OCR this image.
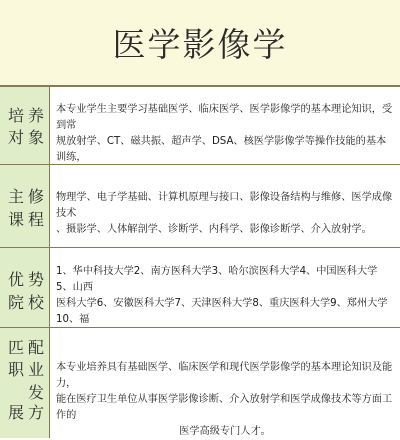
医学影像学
培 养
对 象
本专业学生主要学习基础医学、临床医学、医学影像学的基本理论知识，受到常
规放射学、CT、磁共振、超声学、DSA、核医学影像学等操作技能的基本训练，
主 修
课 程
物理学、电子学基础、计算机原理与接口、影像设备结构与维修、医学成像技术
、摄影学、人体解剖学、诊断学、内科学、影像诊断学、介入放射学。
优 势
院 校
1、华中科技大学2、南方医科大学3、哈尔滨医科大学4、中国医科大学5、山西
医科大学6、安徽医科大学7、天津医科大学8、重庆医科大学9、郑州大学10、福
匹 配
职 业
发
展 方
本专业培养具有基础医学、临床医学和现代医学影像学的基本理论知识及能力，
能在医疗卫生单位从事医学影像诊断、介入放射学和医学成像技术等方面工作的
医学高级专门人才。
